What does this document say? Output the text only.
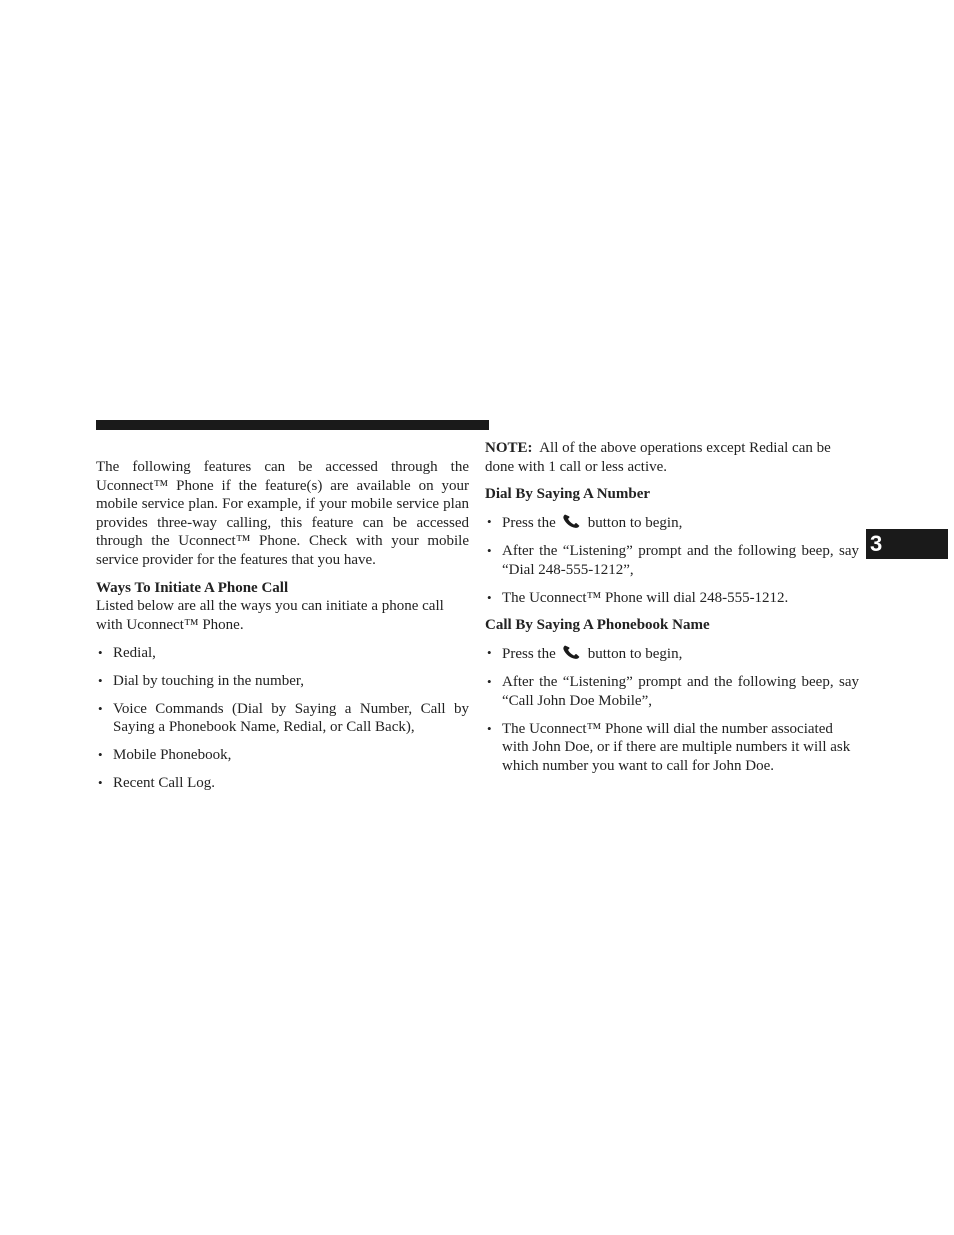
The following features can be accessed through the Uconnect™ Phone if the feature(s) are available on your mobile service plan. For example, if your mobile service plan provides three-way calling, this feature can be accessed through the Uconnect™ Phone. Check with your mobile service provider for the features that you have.

Ways To Initiate A Phone Call

Listed below are all the ways you can initiate a phone call with Uconnect™ Phone.

• Redial,
• Dial by touching in the number,
• Voice Commands (Dial by Saying a Number, Call by Saying a Phonebook Name, Redial, or Call Back),
• Mobile Phonebook,
• Recent Call Log.

NOTE: All of the above operations except Redial can be done with 1 call or less active.

Dial By Saying A Number

• Press the button to begin,
• After the “Listening” prompt and the following beep, say “Dial 248-555-1212”,
• The Uconnect™ Phone will dial 248-555-1212.

Call By Saying A Phonebook Name

• Press the button to begin,
• After the “Listening” prompt and the following beep, say “Call John Doe Mobile”,
• The Uconnect™ Phone will dial the number associated with John Doe, or if there are multiple numbers it will ask which number you want to call for John Doe.
3
